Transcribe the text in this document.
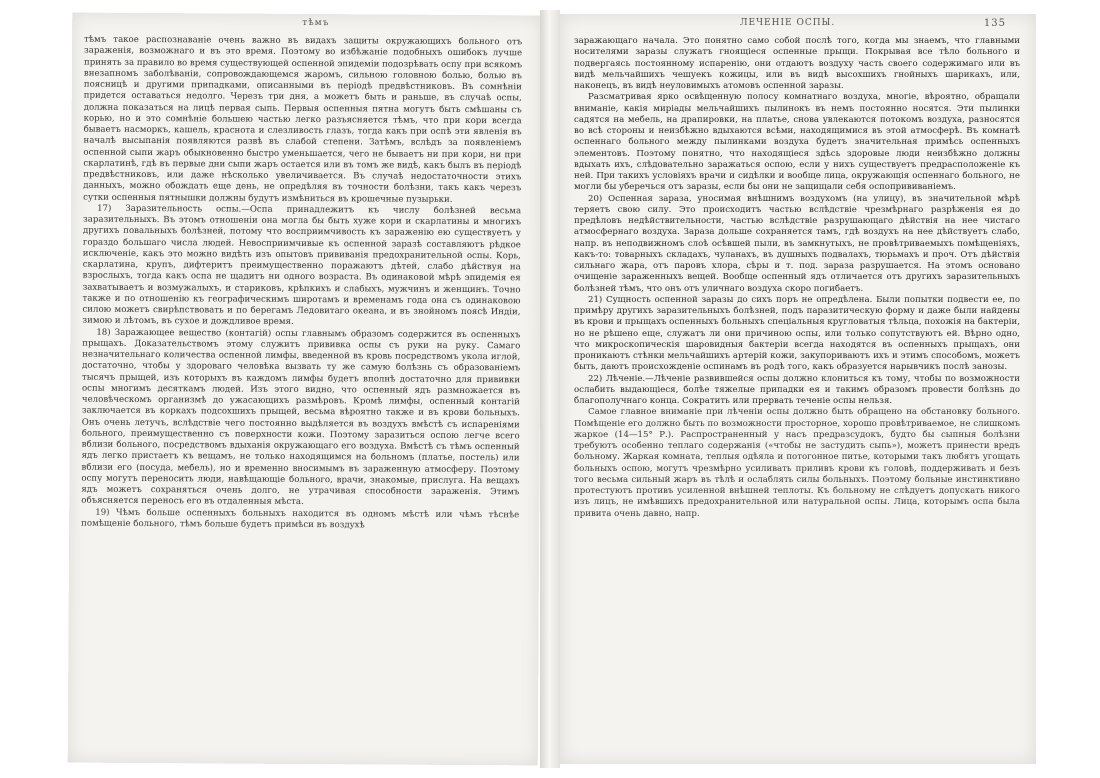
тѣмъ

тѣмъ такое распознаваніе очень важно въ видахъ защиты окружающихъ больного отъ зараженія, возможнаго и въ это время. Поэтому во избѣжаніе подобныхъ ошибокъ лучше принять за правило во время существующей оспенной эпидеміи подозрѣвать оспу при всякомъ внезапномъ заболѣваніи, сопровождающемся жаромъ, сильною головною болью, болью въ поясницѣ и другими припадками, описанными въ періодѣ предвѣстниковъ. Въ сомнѣніи придется оставаться недолго. Черезъ три дня, а можетъ быть и раньше, въ случаѣ оспы, должна показаться на лицѣ первая сыпь. Первыя оспенныя пятна могутъ быть смѣшаны съ корью, но и это сомнѣніе большею частью легко разъясняется тѣмъ, что при кори всегда бываетъ насморкъ, кашель, краснота и слезливость глазъ, тогда какъ при оспѣ эти явленія въ началѣ высыпанія появляются развѣ въ слабой степени. Затѣмъ, вслѣдъ за появленіемъ оспенной сыпи жаръ обыкновенно быстро уменьшается, чего не бываетъ ни при кори, ни при скарлатинѣ, гдѣ въ первые дни сыпи жаръ остается или въ томъ же видѣ, какъ былъ въ періодѣ предвѣстниковъ, или даже нѣсколько увеличивается. Въ случаѣ недостаточности этихъ данныхъ, можно обождать еще день, не опредѣляя въ точности болѣзни, такъ какъ черезъ сутки оспенныя пятнышки должны будутъ измѣниться въ крошечные пузырьки.

17) Заразительность оспы.—Оспа принадлежитъ къ числу болѣзней весьма заразительныхъ. Въ этомъ отношеніи она могла бы быть хуже кори и скарлатины и многихъ другихъ повальныхъ болѣзней, потому что восприимчивость къ зараженію ею существуетъ у гораздо большаго числа людей. Невосприимчивые къ оспенной заразѣ составляютъ рѣдкое исключеніе, какъ это можно видѣть изъ опытовъ прививанія предохранительной оспы. Корь, скарлатина, крупъ, дифтеритъ преимущественно поражаютъ дѣтей, слабо дѣйствуя на взрослыхъ, тогда какъ оспа не щадитъ ни одного возраста. Въ одинаковой мѣрѣ эпидемія ея захватываетъ и возмужалыхъ, и стариковъ, крѣпкихъ и слабыхъ, мужчинъ и женщинъ. Точно также и по отношенію къ географическимъ широтамъ и временамъ года она съ одинаковою силою можетъ свирѣпствовать и по берегамъ Ледовитаго океана, и въ знойномъ поясѣ Индіи, зимою и лѣтомъ, въ сухое и дождливое время.

18) Заражающее вещество (контагій) оспы главнымъ образомъ содержится въ оспенныхъ прыщахъ. Доказательствомъ этому служитъ прививка оспы съ руки на руку. Самаго незначительнаго количества оспенной лимфы, введенной въ кровь посредствомъ укола иглой, достаточно, чтобы у здороваго человѣка вызвать ту же самую болѣзнь съ образованіемъ тысячъ прыщей, изъ которыхъ въ каждомъ лимфы будетъ вполнѣ достаточно для прививки оспы многимъ десяткамъ людей. Изъ этого видно, что оспенный ядъ размножается въ человѣческомъ организмѣ до ужасающихъ размѣровъ. Кромѣ лимфы, оспенный контагій заключается въ коркахъ подсохшихъ прыщей, весьма вѣроятно также и въ крови больныхъ. Онъ очень летучъ, вслѣдствіе чего постоянно выдѣляется въ воздухъ вмѣстѣ съ испареніями больного, преимущественно съ поверхности кожи. Поэтому заразиться оспою легче всего вблизи больного, посредствомъ вдыханія окружающаго его воздуха. Вмѣстѣ съ тѣмъ оспенный ядъ легко пристаетъ къ вещамъ, не только находящимся на больномъ (платье, постель) или вблизи его (посуда, мебель), но и временно вносимымъ въ зараженную атмосферу. Поэтому оспу могутъ переносить люди, навѣщающіе больного, врачи, знакомые, прислуга. На вещахъ ядъ можетъ сохраняться очень долго, не утрачивая способности зараженія. Этимъ объясняется переносъ его въ отдаленныя мѣста.

19) Чѣмъ больше оспенныхъ больныхъ находится въ одномъ мѣстѣ или чѣмъ тѣснѣе помѣщеніе больного, тѣмъ больше будетъ примѣси въ воздухѣ

ЛЕЧЕНІЕ ОСПЫ.	135

заражающаго начала. Это понятно само собой послѣ того, когда мы знаемъ, что главными носителями заразы служатъ гноящіеся оспенные прыщи. Покрывая все тѣло больного и подвергаясь постоянному испаренію, они отдаютъ воздуху часть своего содержимаго или въ видѣ мельчайшихъ чешуекъ кожицы, или въ видѣ высохшихъ гнойныхъ шарикахъ, или, наконецъ, въ видѣ неуловимыхъ атомовъ оспенной заразы.

Разсматривая ярко освѣщенную полосу комнатнаго воздуха, многіе, вѣроятно, обращали вниманіе, какія миріады мельчайшихъ пылинокъ въ немъ постоянно носятся. Эти пылинки садятся на мебель, на драпировки, на платье, снова увлекаются потокомъ воздуха, разносятся во всѣ стороны и неизбѣжно вдыхаются всѣми, находящимися въ этой атмосферѣ. Въ комнатѣ оспеннаго больного между пылинками воздуха будетъ значительная примѣсь оспенныхъ элементовъ. Поэтому понятно, что находящіеся здѣсь здоровые люди неизбѣжно должны вдыхать ихъ, слѣдовательно заражаться оспою, если у нихъ существуетъ предрасположеніе къ ней. При такихъ условіяхъ врачи и сидѣлки и вообще лица, окружающія оспеннаго больного, не могли бы уберечься отъ заразы, если бы они не защищали себя оспопрививаніемъ.

20) Оспенная зараза, уносимая внѣшнимъ воздухомъ (на улицу), въ значительной мѣрѣ теряетъ свою силу. Это происходитъ частью вслѣдствіе чрезмѣрнаго разрѣженія ея до предѣловъ недѣйствительности, частью вслѣдствіе разрушающаго дѣйствія на нее чистаго атмосфернаго воздуха. Зараза дольше сохраняется тамъ, гдѣ воздухъ на нее дѣйствуетъ слабо, напр. въ неподвижномъ слоѣ осѣвшей пыли, въ замкнутыхъ, не провѣтриваемыхъ помѣщеніяхъ, какъ-то: товарныхъ складахъ, чуланахъ, въ душныхъ подвалахъ, тюрьмахъ и проч. Отъ дѣйствія сильнаго жара, отъ паровъ хлора, сѣры и т. под. зараза разрушается. На этомъ основано очищеніе зараженныхъ вещей. Вообще оспенный ядъ отличается отъ другихъ заразительныхъ болѣзней тѣмъ, что онъ отъ уличнаго воздуха скоро погибаетъ.

21) Сущность оспенной заразы до сихъ поръ не опредѣлена. Были попытки подвести ее, по примѣру другихъ заразительныхъ болѣзней, подъ паразитическую форму и даже были найдены въ крови и прыщахъ оспенныхъ больныхъ спеціальныя кругловатыя тѣльца, похожія на бактеріи, но не рѣшено еще, служатъ ли они причиною оспы, или только сопутствуютъ ей. Вѣрно одно, что микроскопическія шаровидныя бактеріи всегда находятся въ оспенныхъ прыщахъ, они проникаютъ стѣнки мельчайшихъ артерій кожи, закупориваютъ ихъ и этимъ способомъ, можетъ быть, даютъ происхожденіе оспинамъ въ родѣ того, какъ образуется нарывчикъ послѣ занозы.

22) Лѣченіе.—Лѣченіе развившейся оспы должно клониться къ тому, чтобы по возможности ослабить выдающіеся, болѣе тяжелые припадки ея и такимъ образомъ провести болѣзнь до благополучнаго конца. Сократить или прервать теченіе оспы нельзя.

Самое главное вниманіе при лѣченіи оспы должно быть обращено на обстановку больного. Помѣщеніе его должно быть по возможности просторное, хорошо провѣтриваемое, не слишкомъ жаркое (14—15° Р.). Распространенный у насъ предразсудокъ, будто бы сыпныя болѣзни требуютъ особенно теплаго содержанія («чтобы не застудить сыпь»), можетъ принести вредъ больному. Жаркая комната, теплыя одѣяла и потогонное питье, которыми такъ любятъ угощать больныхъ оспою, могутъ чрезмѣрно усиливать приливъ крови къ головѣ, поддерживать и безъ того весьма сильный жаръ въ тѣлѣ и ослаблять силы больныхъ. Поэтому больные инстинктивно протестуютъ противъ усиленной внѣшней теплоты. Къ больному не слѣдуетъ допускать никого изъ лицъ, не имѣвшихъ предохранительной или натуральной оспы. Лица, которымъ оспа была привита очень давно, напр.
